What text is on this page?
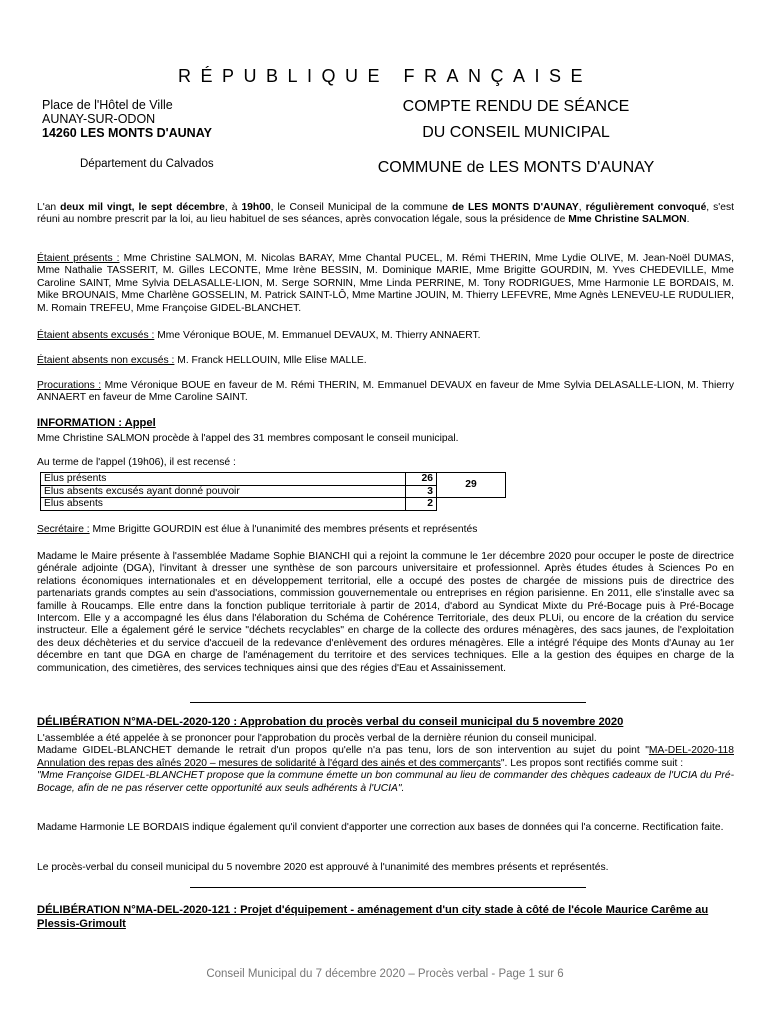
RÉPUBLIQUE FRANÇAISE
Place de l'Hôtel de Ville
AUNAY-SUR-ODON
14260 LES MONTS D'AUNAY
Département du Calvados
COMPTE RENDU DE SÉANCE
DU CONSEIL MUNICIPAL
COMMUNE de LES MONTS D'AUNAY

L'an deux mil vingt, le sept décembre, à 19h00, le Conseil Municipal de la commune de LES MONTS D'AUNAY, régulièrement convoqué, s'est réuni au nombre prescrit par la loi, au lieu habituel de ses séances, après convocation légale, sous la présidence de Mme Christine SALMON.

Étaient présents : Mme Christine SALMON, M. Nicolas BARAY, Mme Chantal PUCEL, M. Rémi THERIN, Mme Lydie OLIVE, M. Jean-Noël DUMAS, Mme Nathalie TASSERIT, M. Gilles LECONTE, Mme Irène BESSIN, M. Dominique MARIE, Mme Brigitte GOURDIN, M. Yves CHEDEVILLE, Mme Caroline SAINT, Mme Sylvia DELASALLE-LION, M. Serge SORNIN, Mme Linda PERRINE, M. Tony RODRIGUES, Mme Harmonie LE BORDAIS, M. Mike BROUNAIS, Mme Charlène GOSSELIN, M. Patrick SAINT-LÔ, Mme Martine JOUIN, M. Thierry LEFEVRE, Mme Agnès LENEVEU-LE RUDULIER, M. Romain TREFEU, Mme Françoise GIDEL-BLANCHET.

Étaient absents excusés : Mme Véronique BOUE, M. Emmanuel DEVAUX, M. Thierry ANNAERT.

Étaient absents non excusés : M. Franck HELLOUIN, Mlle Elise MALLE.

Procurations : Mme Véronique BOUE en faveur de M. Rémi THERIN, M. Emmanuel DEVAUX en faveur de Mme Sylvia DELASALLE-LION, M. Thierry ANNAERT en faveur de Mme Caroline SAINT.

INFORMATION : Appel
Mme Christine SALMON procède à l'appel des 31 membres composant le conseil municipal.
Au terme de l'appel (19h06), il est recensé :
Elus présents	26	29
Elus absents excusés ayant donné pouvoir	3	
Elus absents	2	

Secrétaire : Mme Brigitte GOURDIN est élue à l'unanimité des membres présents et représentés

Madame le Maire présente à l'assemblée Madame Sophie BIANCHI qui a rejoint la commune le 1er décembre 2020 pour occuper le poste de directrice générale adjointe (DGA), l'invitant à dresser une synthèse de son parcours universitaire et professionnel. Après études études à Sciences Po en relations économiques internationales et en développement territorial, elle a occupé des postes de chargée de missions puis de directrice des partenariats grands comptes au sein d'associations, commission gouvernementale ou entreprises en région parisienne. En 2011, elle s'installe avec sa famille à Roucamps. Elle entre dans la fonction publique territoriale à partir de 2014, d'abord au Syndicat Mixte du Pré-Bocage puis à Pré-Bocage Intercom. Elle y a accompagné les élus dans l'élaboration du Schéma de Cohérence Territoriale, des deux PLUi, ou encore de la création du service instructeur. Elle a également géré le service "déchets recyclables" en charge de la collecte des ordures ménagères, des sacs jaunes, de l'exploitation des deux déchèteries et du service d'accueil de la redevance d'enlèvement des ordures ménagères. Elle a intégré l'équipe des Monts d'Aunay au 1er décembre en tant que DGA en charge de l'aménagement du territoire et des services techniques. Elle a la gestion des équipes en charge de la communication, des cimetières, des services techniques ainsi que des régies d'Eau et Assainissement.
DÉLIBÉRATION N°MA-DEL-2020-120 : Approbation du procès verbal du conseil municipal du 5 novembre 2020

L'assemblée a été appelée à se prononcer pour l'approbation du procès verbal de la dernière réunion du conseil municipal.

Madame GIDEL-BLANCHET demande le retrait d'un propos qu'elle n'a pas tenu, lors de son intervention au sujet du point "MA-DEL-2020-118 Annulation des repas des aînés 2020 – mesures de solidarité à l'égard des ainés et des commerçants". Les propos sont rectifiés comme suit :

"Mme Françoise GIDEL-BLANCHET propose que la commune émette un bon communal au lieu de commander des chèques cadeaux de l'UCIA du Pré-Bocage, afin de ne pas réserver cette opportunité aux seuls adhérents à l'UCIA".

Madame Harmonie LE BORDAIS indique également qu'il convient d'apporter une correction aux bases de données qui l'a concerne. Rectification faite.
Le procès-verbal du conseil municipal du 5 novembre 2020 est approuvé à l'unanimité des membres présents et représentés.
DÉLIBÉRATION N°MA-DEL-2020-121 : Projet d'équipement - aménagement d'un city stade à côté de l'école Maurice Carême au Plessis-Grimoult
Conseil Municipal du 7 décembre 2020 – Procès verbal - Page 1 sur 6
